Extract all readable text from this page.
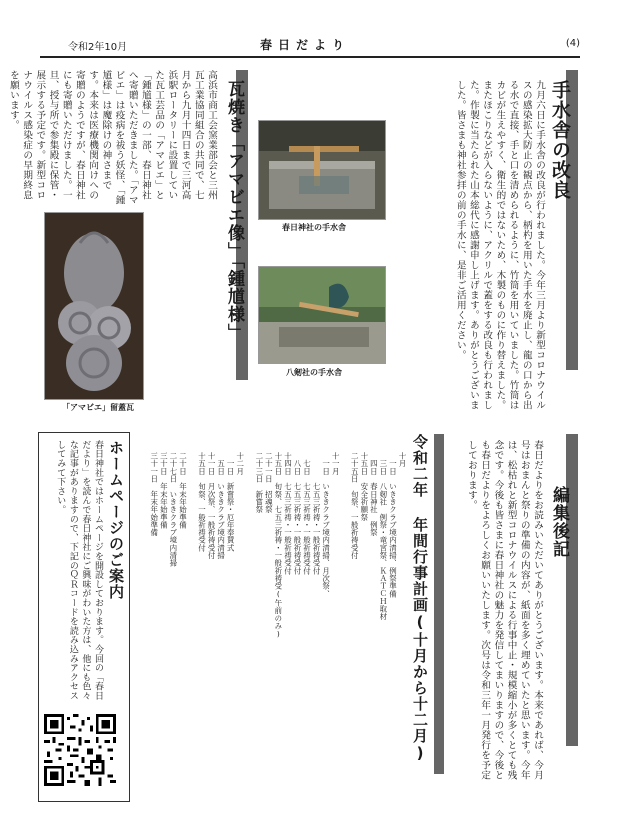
令和2年10月	春日だより	(4)
手水舎の改良

九月六日に手水舎の改良が行われました。今年三月より新型コロナウイルスの感染拡大防止の観点から、柄杓を用いた手水を廃止し、龍の口から出る水で直接、手と口を清められるように、竹筒を用いていました。竹筒はカビが生えやすく、衛生的ではないため、木製のものに作り替えました。またほこりなどが入らないように、アクリルで蓋をする改良も行われました。作製に当たられた山本総代に感謝申し上げます。ありがとうございました。皆さまも神社参拝の前の手水に、是非ご活用ください。

春日神社の手水舎
八剱社の手水舎
瓦焼き「アマビエ像」「鍾馗様」

高浜市商工会窯業部会と三州瓦工業協同組合の共同で、七月から九月十四日まで三河高浜駅ロータリーに設置していた瓦工芸品の「アマビエ」と「鍾馗様」の一部、春日神社へ寄贈いただきました。「アマビエ」は疫病を祓う妖怪、「鍾馗様」は魔除けの神さまです。本来は医療機関向けへの寄贈のようですが、春日神社にも寄贈いただけました。一旦、授与所で参集殿に保管・展示する予定です。新型コロナウイルス感染症の早期終息を願います。

「アマビエ」留蓋瓦
編集後記

春日だよりをお読みいただいてありがとうございます。本来であれば、今月号はおまんと祭りの準備の内容が、紙面を多く埋めていたと思います。今年は、松枯れと新型コロナウイルスによる行事中止・規模縮小が多くとても残念です。今後も皆さまに春日神社の魅力を発信してまいりますので、今後とも春日だよりをよろしくお願いいたします。次号は令和三年一月発行を予定しております。

令和二年 年間行事計画(十月から十二月)
十月
　一日　いききクラブ境内清掃、例祭準備
　三日　八剱社　例祭・竜宮祭、ＫＡＴＣＨ取材
　四日　春日神社　例祭
十五日　安全祈願祭
二十五日　旬祭、一般祈祷受付
十一月
　一日　いききクラブ境内清掃、月次祭、
　　　　七五三祈祷・一般祈祷受付
　七日　七五三祈祷・一般祈祷受付
　八日　七五三祈祷・一般祈祷受付
十四日　七五三祈祷・一般祈祷受付
十五日　旬祭、七五三祈祷・一般祈祷受(午前のみ)
二十一日　招魂祭
二十三日　新嘗祭
十二月
　一日　新嘗祭・厄年奉賛式
　五日　いききクラブ境内清掃
十一日　月次祭、一般祈祷受付
十五日　旬祭、一般祈祷受付
二十日　年末年始準備
二十七日　いききクラブ境内清掃
三十日　年末年始準備
三十一日　年末年始準備
ホームページのご案内

春日神社ではホームページを開設しております。今回の「春日だより」を読んで春日神社にご興味がわいた方は、他にも色々な記事がありますので、下記のＱＲコードを読み込みアクセスしてみて下さい。
